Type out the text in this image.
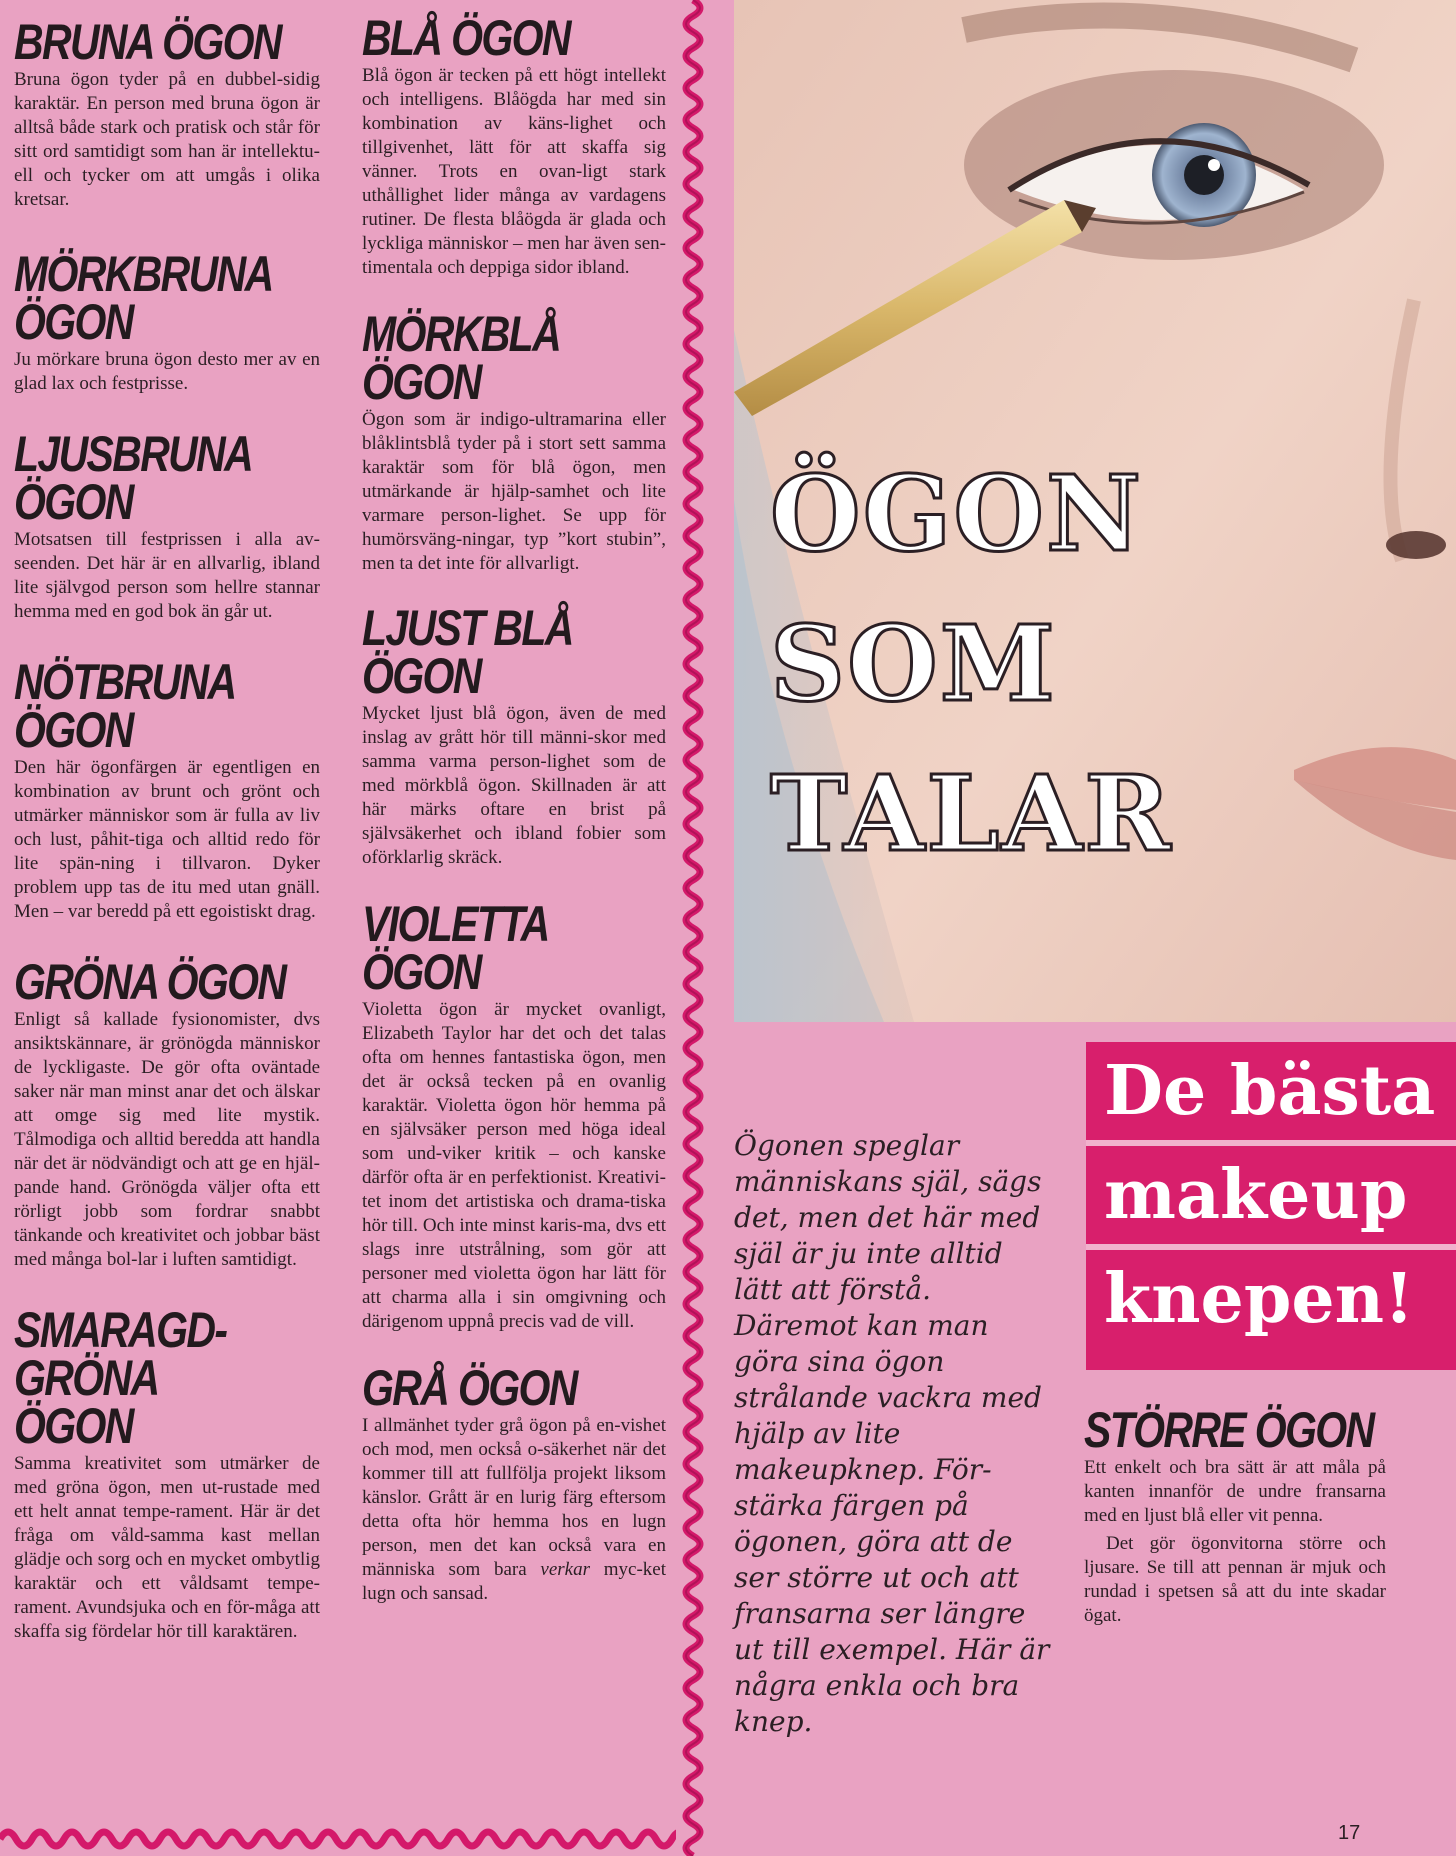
BRUNA ÖGON

Bruna ögon tyder på en dubbel-sidig karaktär. En person med bruna ögon är alltså både stark och pratisk och står för sitt ord samtidigt som han är intellektu-ell och tycker om att umgås i olika kretsar.

MÖRKBRUNA ÖGON

Ju mörkare bruna ögon desto mer av en glad lax och festprisse.

LJUSBRUNA ÖGON

Motsatsen till festprissen i alla av-seenden. Det här är en allvarlig, ibland lite självgod person som hellre stannar hemma med en god bok än går ut.

NÖTBRUNA ÖGON

Den här ögonfärgen är egentligen en kombination av brunt och grönt och utmärker människor som är fulla av liv och lust, påhit-tiga och alltid redo för lite spän-ning i tillvaron. Dyker problem upp tas de itu med utan gnäll. Men – var beredd på ett egoistiskt drag.

GRÖNA ÖGON

Enligt så kallade fysionomister, dvs ansiktskännare, är grönögda människor de lyckligaste. De gör ofta oväntade saker när man minst anar det och älskar att omge sig med lite mystik. Tålmodiga och alltid beredda att handla när det är nödvändigt och att ge en hjäl-pande hand. Grönögda väljer ofta ett rörligt jobb som fordrar snabbt tänkande och kreativitet och jobbar bäst med många bol-lar i luften samtidigt.

SMARAGD-GRÖNA ÖGON

Samma kreativitet som utmärker de med gröna ögon, men ut-rustade med ett helt annat tempe-rament. Här är det fråga om våld-samma kast mellan glädje och sorg och en mycket ombytlig karaktär och ett våldsamt tempe-rament. Avundsjuka och en för-måga att skaffa sig fördelar hör till karaktären.

BLÅ ÖGON

Blå ögon är tecken på ett högt intellekt och intelligens. Blåögda har med sin kombination av käns-lighet och tillgivenhet, lätt för att skaffa sig vänner. Trots en ovan-ligt stark uthållighet lider många av vardagens rutiner. De flesta blåögda är glada och lyckliga människor – men har även sen-timentala och deppiga sidor ibland.

MÖRKBLÅ ÖGON

Ögon som är indigo-ultramarina eller blåklintsblå tyder på i stort sett samma karaktär som för blå ögon, men utmärkande är hjälp-samhet och lite varmare person-lighet. Se upp för humörsväng-ningar, typ ”kort stubin”, men ta det inte för allvarligt.

LJUST BLÅ ÖGON

Mycket ljust blå ögon, även de med inslag av grått hör till männi-skor med samma varma person-lighet som de med mörkblå ögon. Skillnaden är att här märks oftare en brist på självsäkerhet och ibland fobier som oförklarlig skräck.

VIOLETTA ÖGON

Violetta ögon är mycket ovanligt, Elizabeth Taylor har det och det talas ofta om hennes fantastiska ögon, men det är också tecken på en ovanlig karaktär. Violetta ögon hör hemma på en självsäker person med höga ideal som und-viker kritik – och kanske därför ofta är en perfektionist. Kreativi-tet inom det artistiska och drama-tiska hör till. Och inte minst karis-ma, dvs ett slags inre utstrålning, som gör att personer med violetta ögon har lätt för att charma alla i sin omgivning och därigenom uppnå precis vad de vill.

GRÅ ÖGON

I allmänhet tyder grå ögon på en-vishet och mod, men också o-säkerhet när det kommer till att fullfölja projekt liksom känslor. Grått är en lurig färg eftersom detta ofta hör hemma hos en lugn person, men det kan också vara en människa som bara verkar myc-ket lugn och sansad.

ÖGON
SOM
TALAR

Ögonen speglar människans själ, sägs det, men det här med själ är ju inte alltid lätt att förstå. Däremot kan man göra sina ögon strålande vackra med hjälp av lite makeupknep. För-stärka färgen på ögonen, göra att de ser större ut och att fransarna ser längre ut till exempel. Här är några enkla och bra knep.

De bästa
makeup
knepen!
STÖRRE ÖGON

Ett enkelt och bra sätt är att måla på kanten innanför de undre fransarna med en ljust blå eller vit penna.

Det gör ögonvitorna större och ljusare. Se till att pennan är mjuk och rundad i spetsen så att du inte skadar ögat.

17
